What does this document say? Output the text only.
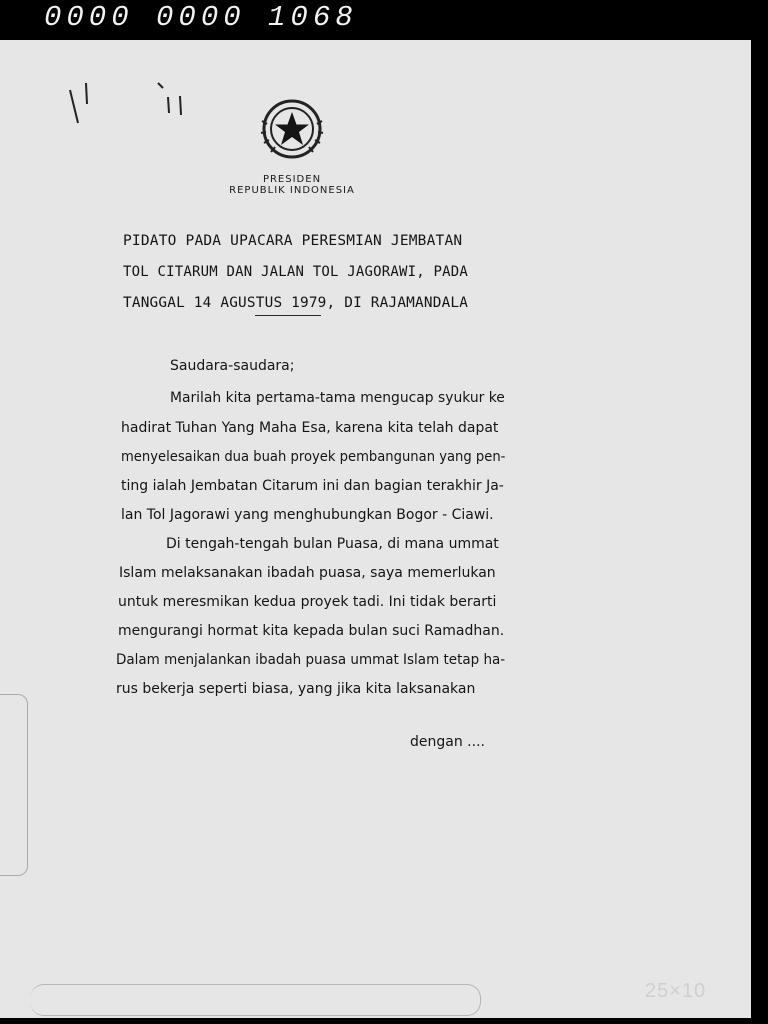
0000 0000 1068
PRESIDEN
REPUBLIK INDONESIA
PIDATO PADA UPACARA PERESMIAN JEMBATAN
TOL CITARUM DAN JALAN TOL JAGORAWI, PADA
TANGGAL 14 AGUSTUS 1979, DI RAJAMANDALA
Saudara-saudara;
Marilah kita pertama-tama mengucap syukur ke
hadirat Tuhan Yang Maha Esa, karena kita telah dapat
menyelesaikan dua buah proyek pembangunan yang pen-
ting ialah Jembatan Citarum ini dan bagian terakhir Ja-
lan Tol Jagorawi yang menghubungkan Bogor - Ciawi.
Di tengah-tengah bulan Puasa, di mana ummat
Islam melaksanakan ibadah puasa, saya memerlukan
untuk meresmikan kedua proyek tadi. Ini tidak berarti
mengurangi hormat kita kepada bulan suci Ramadhan.
Dalam menjalankan ibadah puasa ummat Islam tetap ha-
rus bekerja seperti biasa, yang jika kita laksanakan
dengan ....
25×10
